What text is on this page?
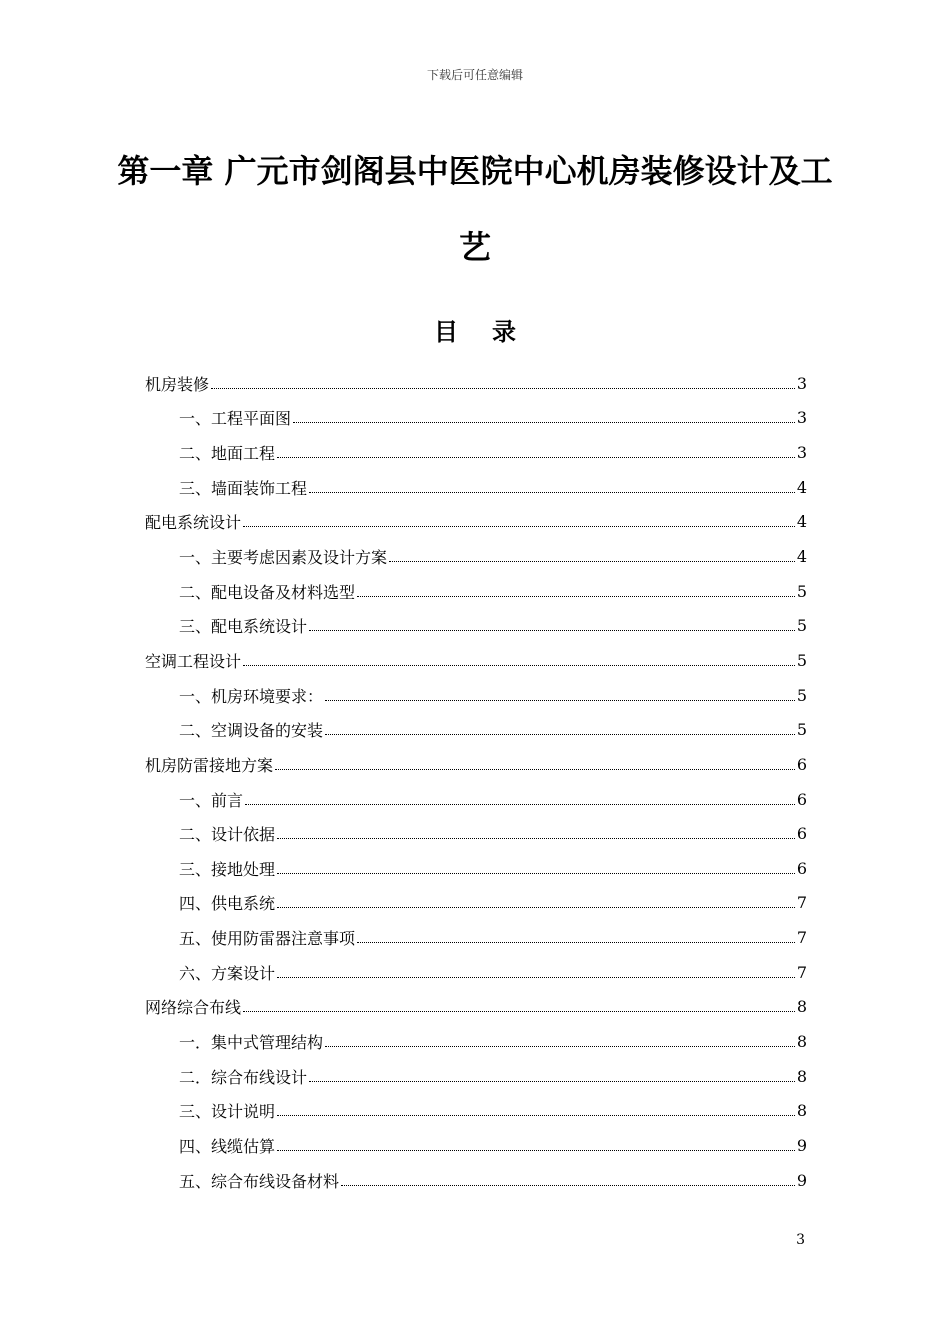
下载后可任意编辑
第一章 广元市剑阁县中医院中心机房装修设计及工
艺
目录
机房装修	3
一、工程平面图	3
二、地面工程	3
三、墙面装饰工程	4
配电系统设计	4
一、主要考虑因素及设计方案	4
二、配电设备及材料选型	5
三、配电系统设计	5
空调工程设计	5
一、机房环境要求：	5
二、空调设备的安装	5
机房防雷接地方案	6
一、前言	6
二、设计依据	6
三、接地处理	6
四、供电系统	7
五、使用防雷器注意事项	7
六、方案设计	7
网络综合布线	8
一．集中式管理结构	8
二．综合布线设计	8
三、设计说明	8
四、线缆估算	9
五、综合布线设备材料	9
3
